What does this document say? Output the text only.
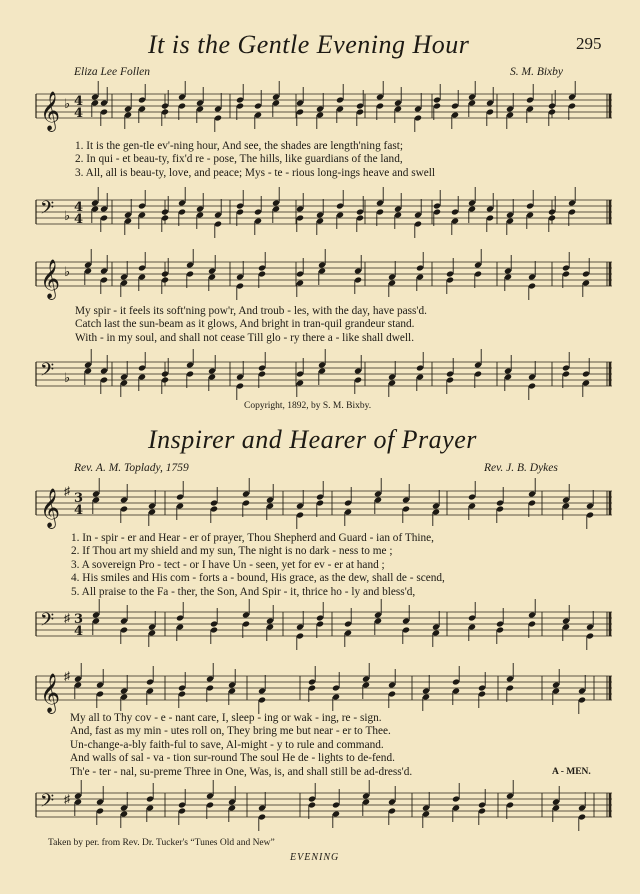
295
It is the Gentle Evening Hour
Eliza Lee Follen	S. M. Bixby
𝄞 ♭ 4
4
1. It is the gen-tle ev'-ning hour, And see, the shades are length'ning fast;
2. In qui - et beau-ty, fix'd re - pose, The hills, like guardians of the land,
3. All, all is beau-ty, love, and peace; Mys - te - rious long-ings heave and swell
𝄢 ♭
4
4
𝄞 ♭
My spir - it feels its soft'ning pow'r, And troub - les, with the day, have pass'd.
Catch last the sun-beam as it glows, And bright in tran-quil grandeur stand.
With - in my soul, and shall not cease Till glo - ry there a - like shall dwell.
𝄢 ♭
Copyright, 1892, by S. M. Bixby.
Inspirer and Hearer of Prayer
Rev. A. M. Toplady, 1759	Rev. J. B. Dykes
𝄞 ♯ 3
4
1. In - spir - er and Hear - er of prayer, Thou Shepherd and Guard - ian of Thine,
2. If Thou art my shield and my sun, The night is no dark - ness to me ;
3. A sovereign Pro - tect - or I have Un - seen, yet for ev - er at hand ;
4. His smiles and His com - forts a - bound, His grace, as the dew, shall de - scend,
5. All praise to the Fa - ther, the Son, And Spir - it, thrice ho - ly and bless'd,
𝄢 ♯ 3
4
𝄞 ♯
My all to Thy cov - e - nant care, I, sleep - ing or wak - ing, re - sign.
And, fast as my min - utes roll on, They bring me but near - er to Thee.
Un-change-a-bly faith-ful to save, Al-might - y to rule and command.
And walls of sal - va - tion sur-round The soul He de - lights to de-fend.
Th'e - ter - nal, su-preme Three in One, Was, is, and shall still be ad-dress'd.	A - MEN.
𝄢 ♯
Taken by per. from Rev. Dr. Tucker's “Tunes Old and New”
EVENING
